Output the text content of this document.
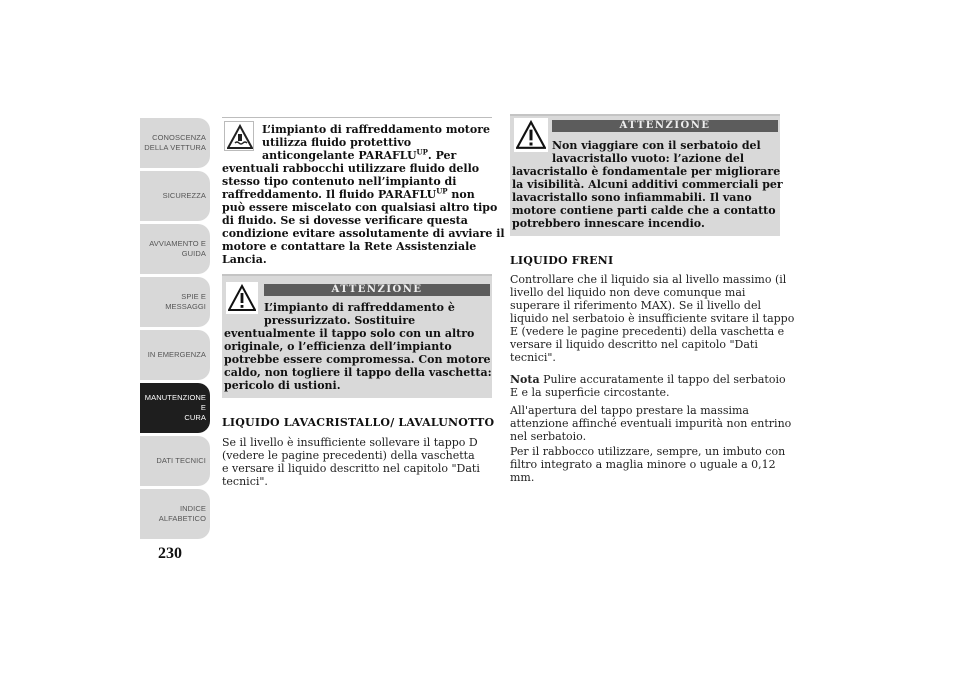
CONOSCENZA
DELLA VETTURA
SICUREZZA
AVVIAMENTO E
GUIDA
SPIE E MESSAGGI
IN EMERGENZA
MANUTENZIONE E
CURA
DATI TECNICI
INDICE
ALFABETICO
230
L’impianto di raffreddamento motore
utilizza fluido protettivo
anticongelante $PARAFLU^{UP}$. Per
eventuali rabbocchi utilizzare fluido dello
stesso tipo contenuto nell’impianto di
raffreddamento. Il fluido $PARAFLU^{UP}$ non
può essere miscelato con qualsiasi altro tipo
di fluido. Se si dovesse verificare questa
condizione evitare assolutamente di avviare il
motore e contattare la Rete Assistenziale
Lancia.
ATTENZIONE
L’impianto di raffreddamento è
pressurizzato. Sostituire
eventualmente il tappo solo con un altro
originale, o l’efficienza dell’impianto
potrebbe essere compromessa. Con motore
caldo, non togliere il tappo della vaschetta:
pericolo di ustioni.
LIQUIDO LAVACRISTALLO/ LAVALUNOTTO
Se il livello è insufficiente sollevare il tappo D
(vedere le pagine precedenti) della vaschetta
e versare il liquido descritto nel capitolo "Dati
tecnici".
ATTENZIONE
Non viaggiare con il serbatoio del
lavacristallo vuoto: l’azione del
lavacristallo è fondamentale per migliorare
la visibilità. Alcuni additivi commerciali per
lavacristallo sono infiammabili. Il vano
motore contiene parti calde che a contatto
potrebbero innescare incendio.
LIQUIDO FRENI
Controllare che il liquido sia al livello massimo (il
livello del liquido non deve comunque mai
superare il riferimento MAX). Se il livello del
liquido nel serbatoio è insufficiente svitare il tappo
E (vedere le pagine precedenti) della vaschetta e
versare il liquido descritto nel capitolo "Dati
tecnici".
Nota Pulire accuratamente il tappo del serbatoio
E e la superficie circostante.
All'apertura del tappo prestare la massima
attenzione affinché eventuali impurità non entrino
nel serbatoio.
Per il rabbocco utilizzare, sempre, un imbuto con
filtro integrato a maglia minore o uguale a 0,12
mm.
